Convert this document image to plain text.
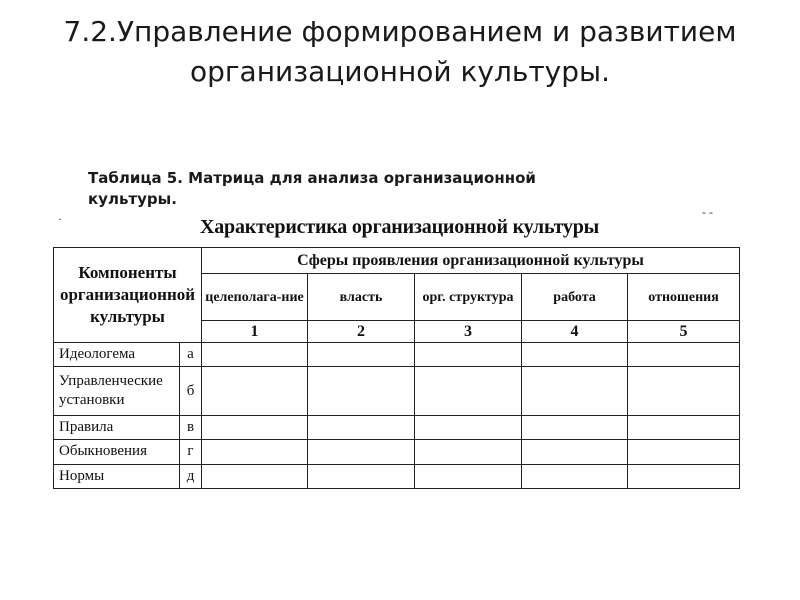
7.2.Управление формированием и развитием организационной культуры.
Таблица 5. Матрица для анализа организационной культуры.
·	- -
Характеристика организационной культуры
Компоненты организационной культуры		Сферы проявления организационной культуры				
		целеполага-ние	власть	орг. структура	работа	отношения
		1	2	3	4	5
Идеологема	а					
Управленческие установки	б					
Правила	в					
Обыкновения	г					
Нормы	д					
